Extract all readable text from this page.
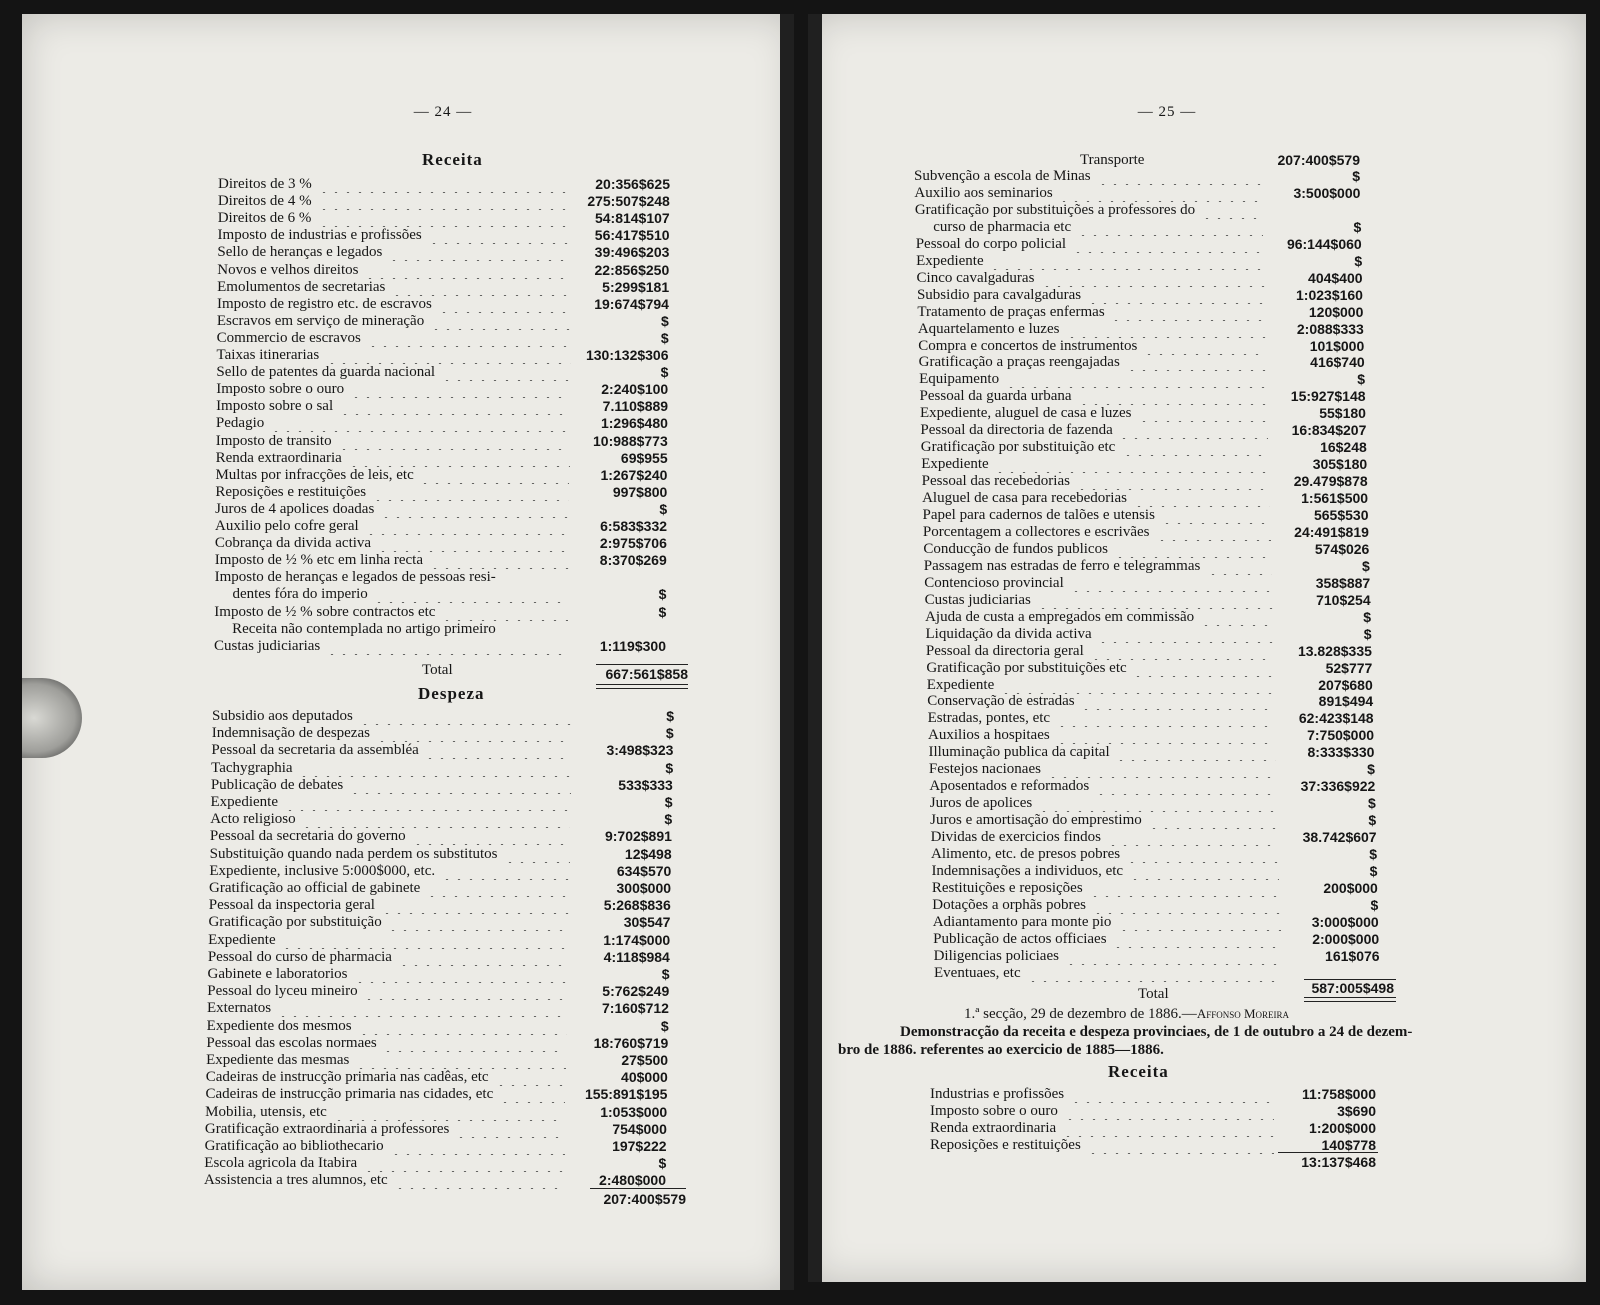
— 24 —
Receita
Direitos de 3 %	20:356$625
Direitos de 4 %	275:507$248
Direitos de 6 %	54:814$107
Imposto de industrias e profissões	56:417$510
Sello de heranças e legados	39:496$203
Novos e velhos direitos	22:856$250
Emolumentos de secretarias	5:299$181
Imposto de registro etc. de escravos	19:674$794
Escravos em serviço de mineração	$
Commercio de escravos	$
Taixas itinerarias	130:132$306
Sello de patentes da guarda nacional	$
Imposto sobre o ouro	2:240$100
Imposto sobre o sal	7.110$889
Pedagio	1:296$480
Imposto de transito	10:988$773
Renda extraordinaria	69$955
Multas por infracções de leis, etc	1:267$240
Reposições e restituições	997$800
Juros de 4 apolices doadas	$
Auxilio pelo cofre geral	6:583$332
Cobrança da divida activa	2:975$706
Imposto de ½ % etc em linha recta	8:370$269
Imposto de heranças e legados de pessoas resi-
dentes fóra do imperio	$
Imposto de ½ % sobre contractos etc	$
Receita não contemplada no artigo primeiro
Custas judiciarias	1:119$300
Total	667:561$858
Despeza
Subsidio aos deputados	$
Indemnisação de despezas	$
Pessoal da secretaria da assembléa	3:498$323
Tachygraphia	$
Publicação de debates	533$333
Expediente	$
Acto religioso	$
Pessoal da secretaria do governo	9:702$891
Substituição quando nada perdem os substitutos	12$498
Expediente, inclusive 5:000$000, etc.	634$570
Gratificação ao official de gabinete	300$000
Pessoal da inspectoria geral	5:268$836
Gratificação por substituição	30$547
Expediente	1:174$000
Pessoal do curso de pharmacia	4:118$984
Gabinete e laboratorios	$
Pessoal do lyceu mineiro	5:762$249
Externatos	7:160$712
Expediente dos mesmos	$
Pessoal das escolas normaes	18:760$719
Expediente das mesmas	27$500
Cadeiras de instrucção primaria nas cadêas, etc	40$000
Cadeiras de instrucção primaria nas cidades, etc	155:891$195
Mobilia, utensis, etc	1:053$000
Gratificação extraordinaria a professores	754$000
Gratificação ao bibliothecario	197$222
Escola agricola da Itabira	$
Assistencia a tres alumnos, etc	2:480$000
207:400$579
— 25 —
Transporte	207:400$579
Subvenção a escola de Minas	$
Auxilio aos seminarios	3:500$000
Gratificação por substituições a professores do
curso de pharmacia etc	$
Pessoal do corpo policial	96:144$060
Expediente	$
Cinco cavalgaduras	404$400
Subsidio para cavalgaduras	1:023$160
Tratamento de praças enfermas	120$000
Aquartelamento e luzes	2:088$333
Compra e concertos de instrumentos	101$000
Gratificação a praças reengajadas	416$740
Equipamento	$
Pessoal da guarda urbana	15:927$148
Expediente, aluguel de casa e luzes	55$180
Pessoal da directoria de fazenda	16:834$207
Gratificação por substituição etc	16$248
Expediente	305$180
Pessoal das recebedorias	29.479$878
Aluguel de casa para recebedorias	1:561$500
Papel para cadernos de talões e utensis	565$530
Porcentagem a collectores e escrivães	24:491$819
Conducção de fundos publicos	574$026
Passagem nas estradas de ferro e telegrammas	$
Contencioso provincial	358$887
Custas judiciarias	710$254
Ajuda de custa a empregados em commissão	$
Liquidação da divida activa	$
Pessoal da directoria geral	13.828$335
Gratificação por substituições etc	52$777
Expediente	207$680
Conservação de estradas	891$494
Estradas, pontes, etc	62:423$148
Auxilios a hospitaes	7:750$000
Illuminação publica da capital	8:333$330
Festejos nacionaes	$
Aposentados e reformados	37:336$922
Juros de apolices	$
Juros e amortisação do emprestimo	$
Dividas de exercicios findos	38.742$607
Alimento, etc. de presos pobres	$
Indemnisações a individuos, etc	$
Restituições e reposições	200$000
Dotações a orphãs pobres	$
Adiantamento para monte pio	3:000$000
Publicação de actos officiaes	2:000$000
Diligencias policiaes	161$076
Eventuaes, etc
Total	587:005$498
1.ª secção, 29 de dezembro de 1886.—Affonso Moreira
Demonstracção da receita e despeza provinciaes, de 1 de outubro a 24 de dezem-
bro de 1886. referentes ao exercicio de 1885—1886.
Receita
Industrias e profissões	11:758$000
Imposto sobre o ouro	3$690
Renda extraordinaria	1:200$000
Reposições e restituições	140$778
13:137$468
